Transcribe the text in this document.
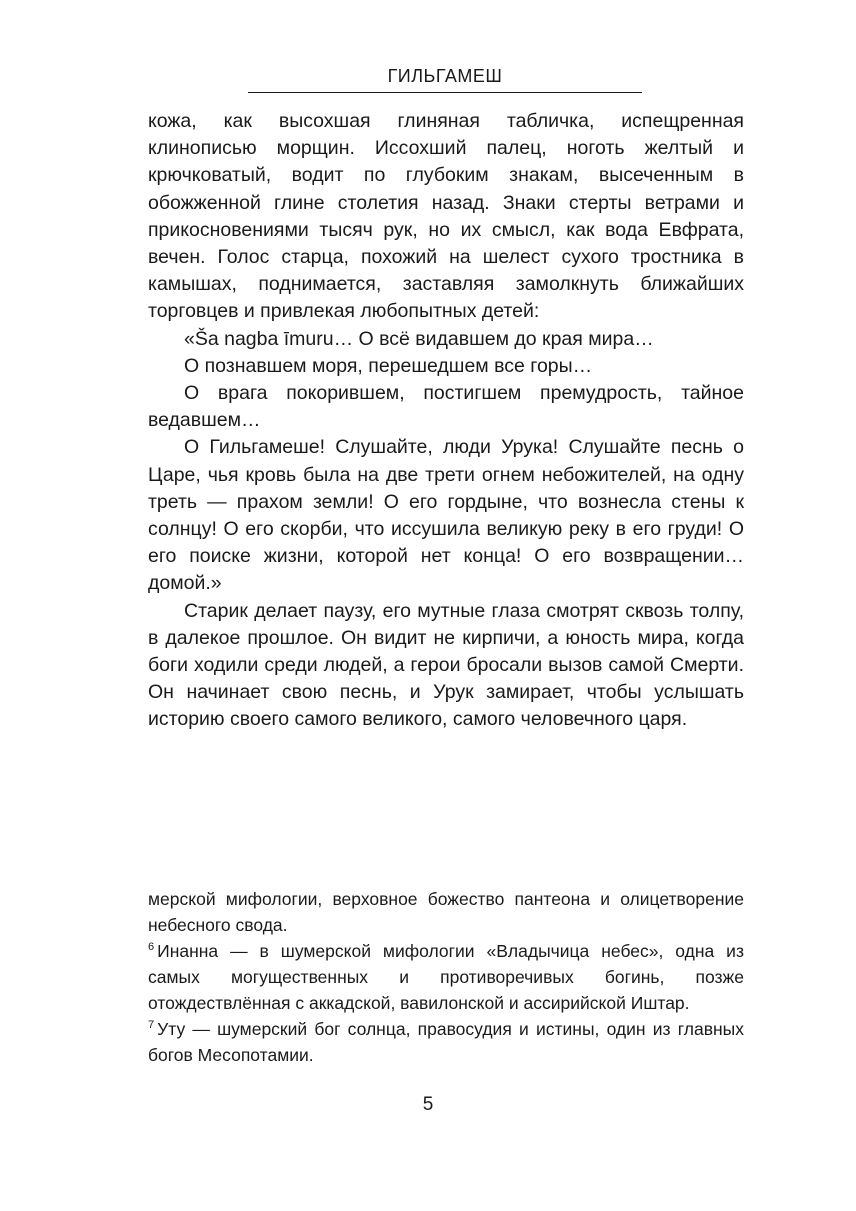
ГИЛЬГАМЕШ

кожа, как высохшая глиняная табличка, испещренная клинописью морщин. Иссохший палец, ноготь желтый и крючковатый, водит по глубоким знакам, высеченным в обожженной глине столетия назад. Знаки стерты ветрами и прикосновениями тысяч рук, но их смысл, как вода Евфрата, вечен. Голос старца, похожий на шелест сухого тростника в камышах, поднимается, заставляя замолкнуть ближайших торговцев и привлекая любопытных детей:

«Ša nagba īmuru… О всё видавшем до края мира…

О познавшем моря, перешедшем все горы…

О врага покорившем, постигшем премудрость, тайное ведавшем…

О Гильгамеше! Слушайте, люди Урука! Слушайте песнь о Царе, чья кровь была на две трети огнем небожителей, на одну треть — прахом земли! О его гордыне, что вознесла стены к солнцу! О его скорби, что иссушила великую реку в его груди! О его поиске жизни, которой нет конца! О его возвращении… домой.»

Старик делает паузу, его мутные глаза смотрят сквозь толпу, в далекое прошлое. Он видит не кирпичи, а юность мира, когда боги ходили среди людей, а герои бросали вызов самой Смерти. Он начинает свою песнь, и Урук замирает, чтобы услышать историю своего самого великого, самого человечного царя.

мерской мифологии, верховное божество пантеона и олицетворение небесного свода.

$^6$ Инанна — в шумерской мифологии «Владычица небес», одна из самых могущественных и противоречивых богинь, позже отождествлённая с аккадской, вавилонской и ассирийской Иштар.

$^7$ Уту — шумерский бог солнца, правосудия и истины, один из главных богов Месопотамии.

5
